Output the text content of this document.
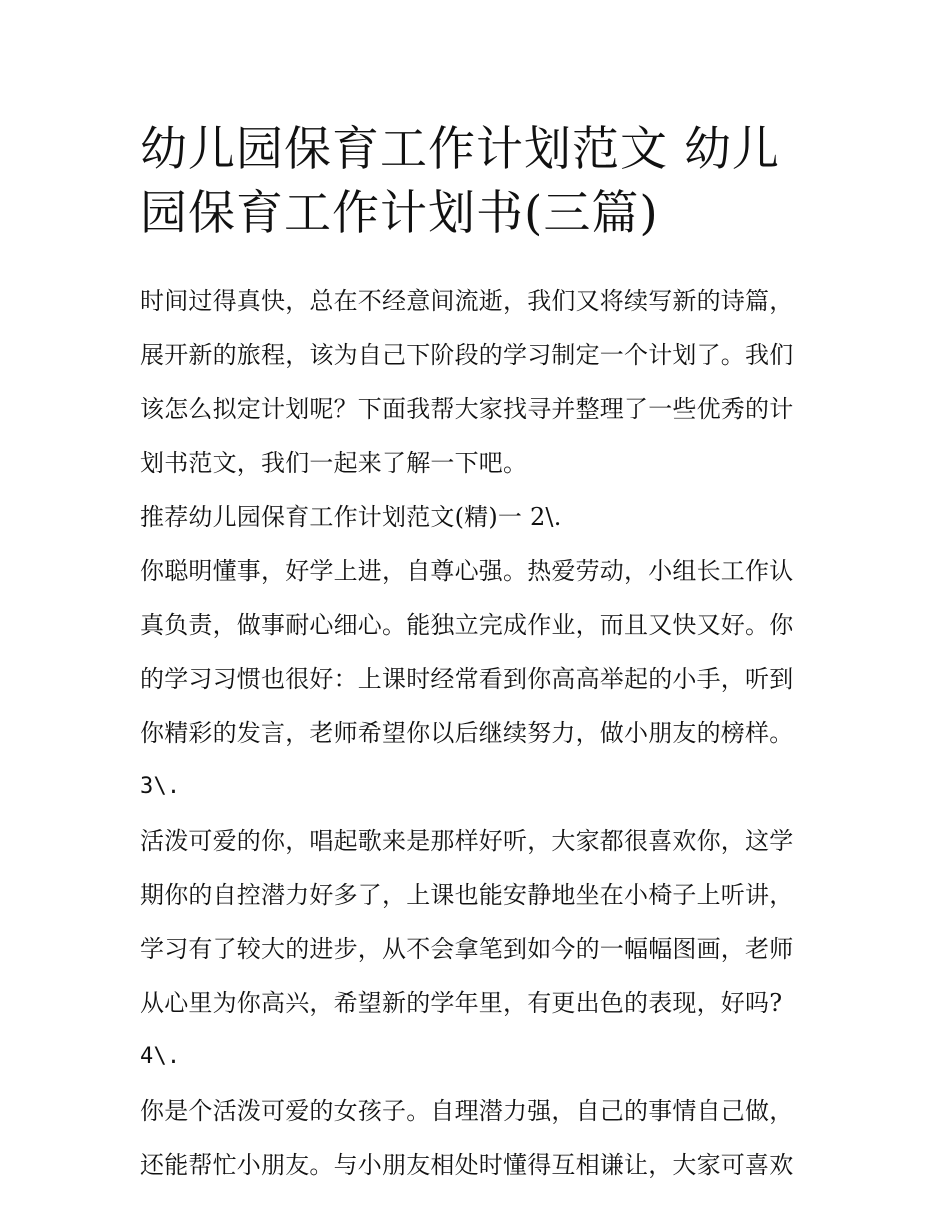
幼儿园保育工作计划范文 幼儿园保育工作计划书(三篇)

时间过得真快，总在不经意间流逝，我们又将续写新的诗篇，展开新的旅程，该为自己下阶段的学习制定一个计划了。我们该怎么拟定计划呢？下面我帮大家找寻并整理了一些优秀的计划书范文，我们一起来了解一下吧。

推荐幼儿园保育工作计划范文(精)一 2\.

你聪明懂事，好学上进，自尊心强。热爱劳动，小组长工作认真负责，做事耐心细心。能独立完成作业，而且又快又好。你的学习习惯也很好：上课时经常看到你高高举起的小手，听到你精彩的发言，老师希望你以后继续努力，做小朋友的榜样。

3\.

活泼可爱的你，唱起歌来是那样好听，大家都很喜欢你，这学期你的自控潜力好多了，上课也能安静地坐在小椅子上听讲，学习有了较大的进步，从不会拿笔到如今的一幅幅图画，老师从心里为你高兴，希望新的学年里，有更出色的表现，好吗?

4\.

你是个活泼可爱的女孩子。自理潜力强，自己的事情自己做，还能帮忙小朋友。与小朋友相处时懂得互相谦让，大家可喜欢
